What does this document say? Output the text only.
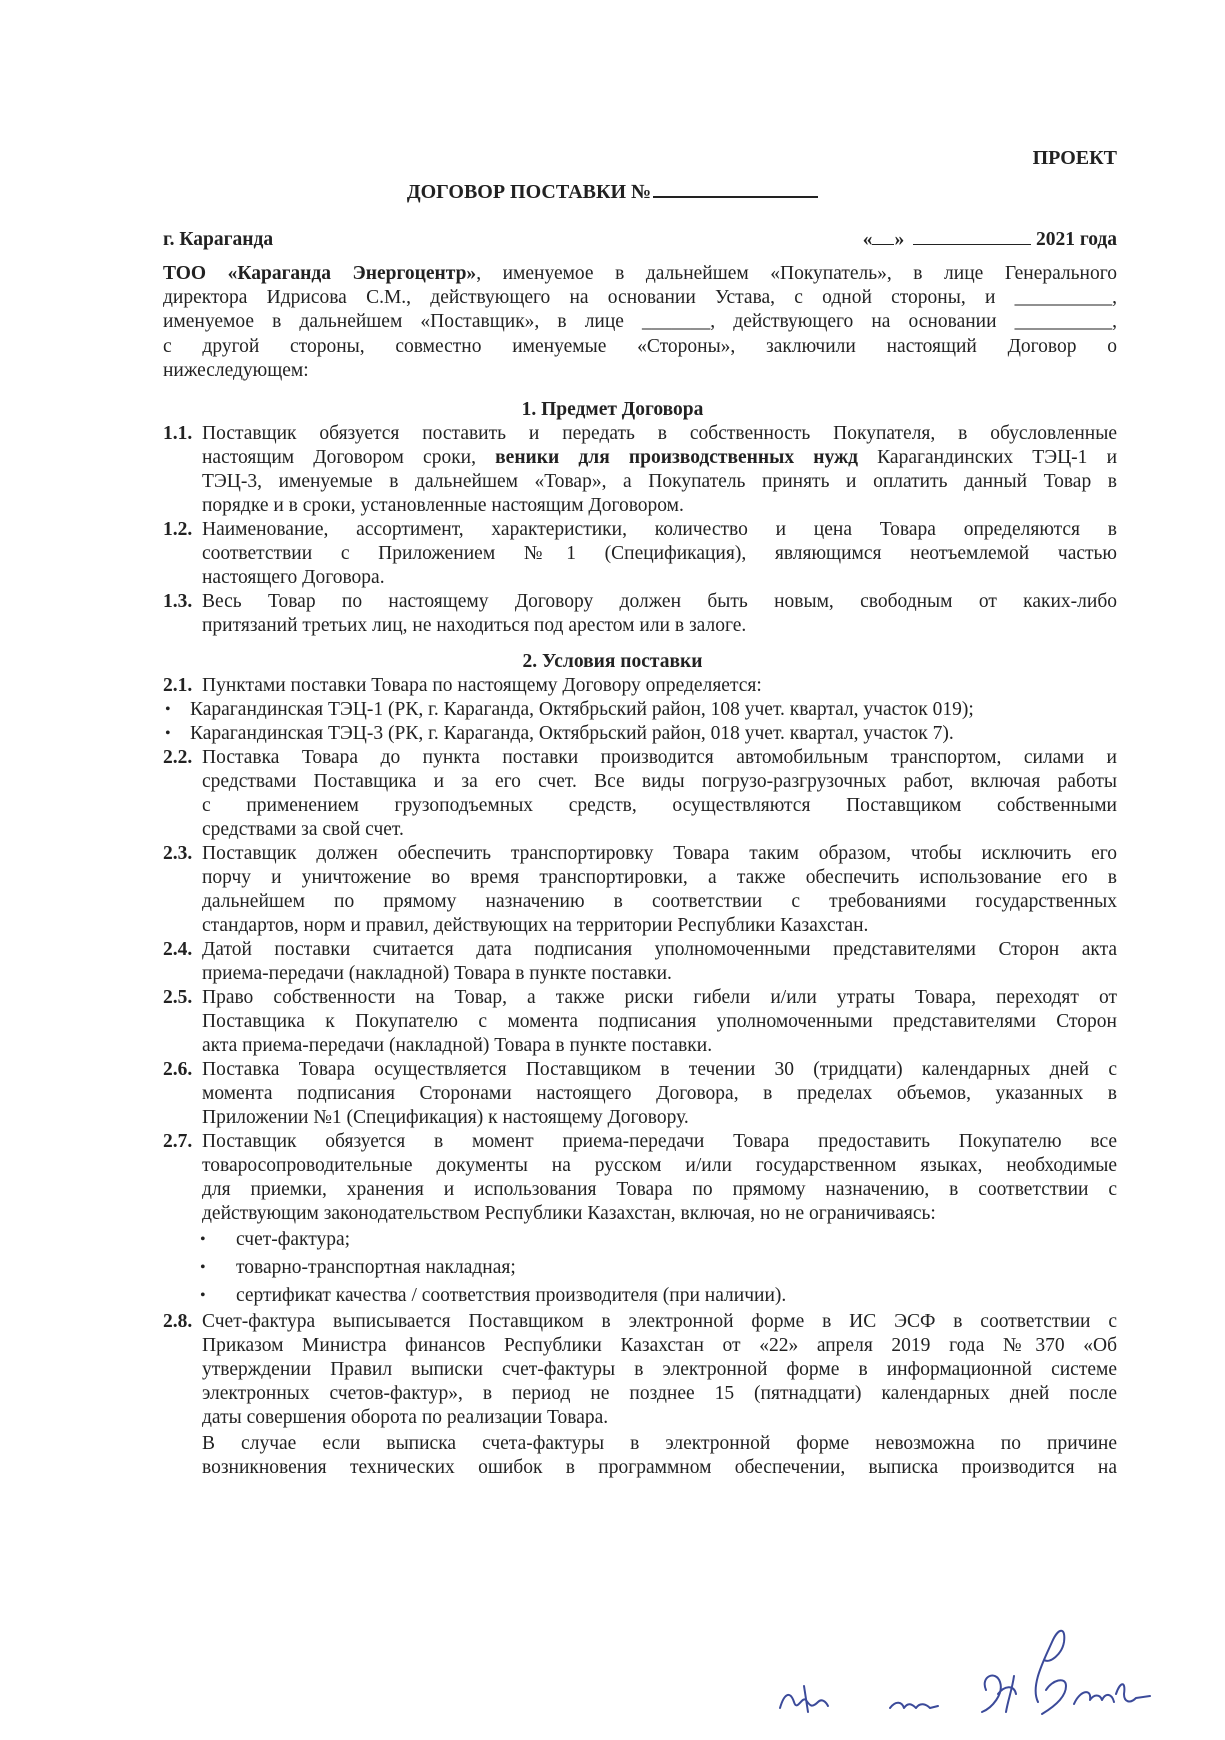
ПРОЕКТ
ДОГОВОР ПОСТАВКИ №
г. Караганда	« »	2021 года
ТОО «Караганда Энергоцентр», именуемое в дальнейшем «Покупатель», в лице Генерального
директора Идрисова С.М., действующего на основании Устава, с одной стороны, и __________,
именуемое в дальнейшем «Поставщик», в лице _______, действующего на основании __________,
с другой стороны, совместно именуемые «Стороны», заключили настоящий Договор о
нижеследующем:
1. Предмет Договора
1.1. Поставщик обязуется поставить и передать в собственность Покупателя, в обусловленные
настоящим Договором сроки, веники для производственных нужд Карагандинских ТЭЦ-1 и
ТЭЦ-3, именуемые в дальнейшем «Товар», а Покупатель принять и оплатить данный Товар в
порядке и в сроки, установленные настоящим Договором.
1.2. Наименование, ассортимент, характеристики, количество и цена Товара определяются в
соответствии с Приложением №1 (Спецификация), являющимся неотъемлемой частью
настоящего Договора.
1.3. Весь Товар по настоящему Договору должен быть новым, свободным от каких-либо
притязаний третьих лиц, не находиться под арестом или в залоге.
2. Условия поставки
2.1. Пунктами поставки Товара по настоящему Договору определяется:
• Карагандинская ТЭЦ-1 (РК, г. Караганда, Октябрьский район, 108 учет. квартал, участок 019);
• Карагандинская ТЭЦ-3 (РК, г. Караганда, Октябрьский район, 018 учет. квартал, участок 7).
2.2. Поставка Товара до пункта поставки производится автомобильным транспортом, силами и
средствами Поставщика и за его счет. Все виды погрузо-разгрузочных работ, включая работы
с применением грузоподъемных средств, осуществляются Поставщиком собственными
средствами за свой счет.
2.3. Поставщик должен обеспечить транспортировку Товара таким образом, чтобы исключить его
порчу и уничтожение во время транспортировки, а также обеспечить использование его в
дальнейшем по прямому назначению в соответствии с требованиями государственных
стандартов, норм и правил, действующих на территории Республики Казахстан.
2.4. Датой поставки считается дата подписания уполномоченными представителями Сторон акта
приема-передачи (накладной) Товара в пункте поставки.
2.5. Право собственности на Товар, а также риски гибели и/или утраты Товара, переходят от
Поставщика к Покупателю с момента подписания уполномоченными представителями Сторон
акта приема-передачи (накладной) Товара в пункте поставки.
2.6. Поставка Товара осуществляется Поставщиком в течении 30 (тридцати) календарных дней с
момента подписания Сторонами настоящего Договора, в пределах объемов, указанных в
Приложении №1 (Спецификация) к настоящему Договору.
2.7. Поставщик обязуется в момент приема-передачи Товара предоставить Покупателю все
товаросопроводительные документы на русском и/или государственном языках, необходимые
для приемки, хранения и использования Товара по прямому назначению, в соответствии с
действующим законодательством Республики Казахстан, включая, но не ограничиваясь:
• счет-фактура;
• товарно-транспортная накладная;
• сертификат качества / соответствия производителя (при наличии).
2.8. Счет-фактура выписывается Поставщиком в электронной форме в ИС ЭСФ в соответствии с
Приказом Министра финансов Республики Казахстан от «22» апреля 2019 года №370 «Об
утверждении Правил выписки счет-фактуры в электронной форме в информационной системе
электронных счетов-фактур», в период не позднее 15 (пятнадцати) календарных дней после
даты совершения оборота по реализации Товара.
В случае если выписка счета-фактуры в электронной форме невозможна по причине
возникновения технических ошибок в программном обеспечении, выписка производится на
